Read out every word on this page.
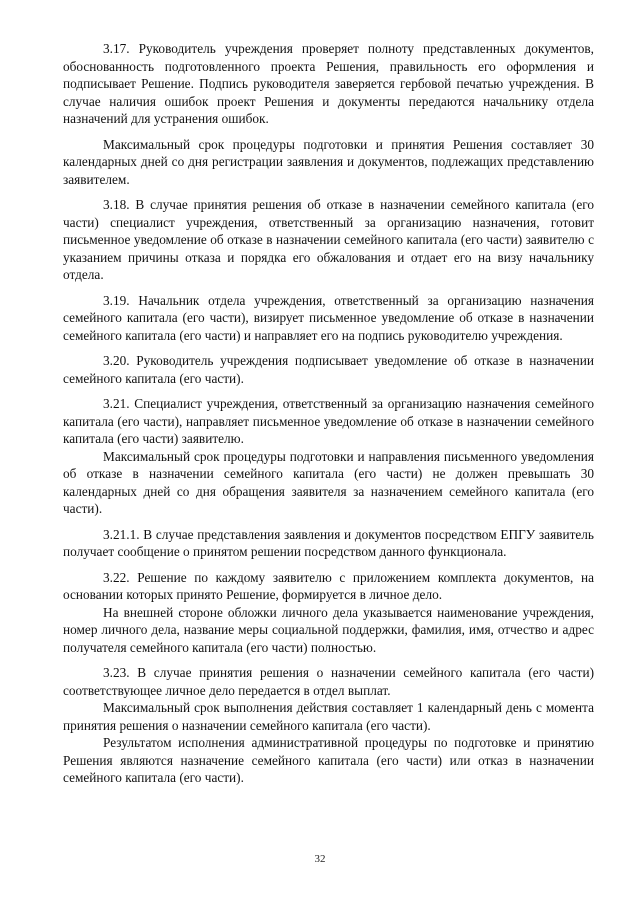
3.17. Руководитель учреждения проверяет полноту представленных документов, обоснованность подготовленного проекта Решения, правильность его оформления и подписывает Решение. Подпись руководителя заверяется гербовой печатью учреждения. В случае наличия ошибок проект Решения и документы передаются начальнику отдела назначений для устранения ошибок.

Максимальный срок процедуры подготовки и принятия Решения составляет 30 календарных дней со дня регистрации заявления и документов, подлежащих представлению заявителем.

3.18. В случае принятия решения об отказе в назначении семейного капитала (его части) специалист учреждения, ответственный за организацию назначения, готовит письменное уведомление об отказе в назначении семейного капитала (его части) заявителю с указанием причины отказа и порядка его обжалования и отдает его на визу начальнику отдела.

3.19. Начальник отдела учреждения, ответственный за организацию назначения семейного капитала (его части), визирует письменное уведомление об отказе в назначении семейного капитала (его части) и направляет его на подпись руководителю учреждения.

3.20. Руководитель учреждения подписывает уведомление об отказе в назначении семейного капитала (его части).

3.21. Специалист учреждения, ответственный за организацию назначения семейного капитала (его части), направляет письменное уведомление об отказе в назначении семейного капитала (его части) заявителю.

Максимальный срок процедуры подготовки и направления письменного уведомления об отказе в назначении семейного капитала (его части) не должен превышать 30 календарных дней со дня обращения заявителя за назначением семейного капитала (его части).

3.21.1. В случае представления заявления и документов посредством ЕПГУ заявитель получает сообщение о принятом решении посредством данного функционала.

3.22. Решение по каждому заявителю с приложением комплекта документов, на основании которых принято Решение, формируется в личное дело.

На внешней стороне обложки личного дела указывается наименование учреждения, номер личного дела, название меры социальной поддержки, фамилия, имя, отчество и адрес получателя семейного капитала (его части) полностью.

3.23. В случае принятия решения о назначении семейного капитала (его части) соответствующее личное дело передается в отдел выплат.

Максимальный срок выполнения действия составляет 1 календарный день с момента принятия решения о назначении семейного капитала (его части).

Результатом исполнения административной процедуры по подготовке и принятию Решения являются назначение семейного капитала (его части) или отказ в назначении семейного капитала (его части).

32
